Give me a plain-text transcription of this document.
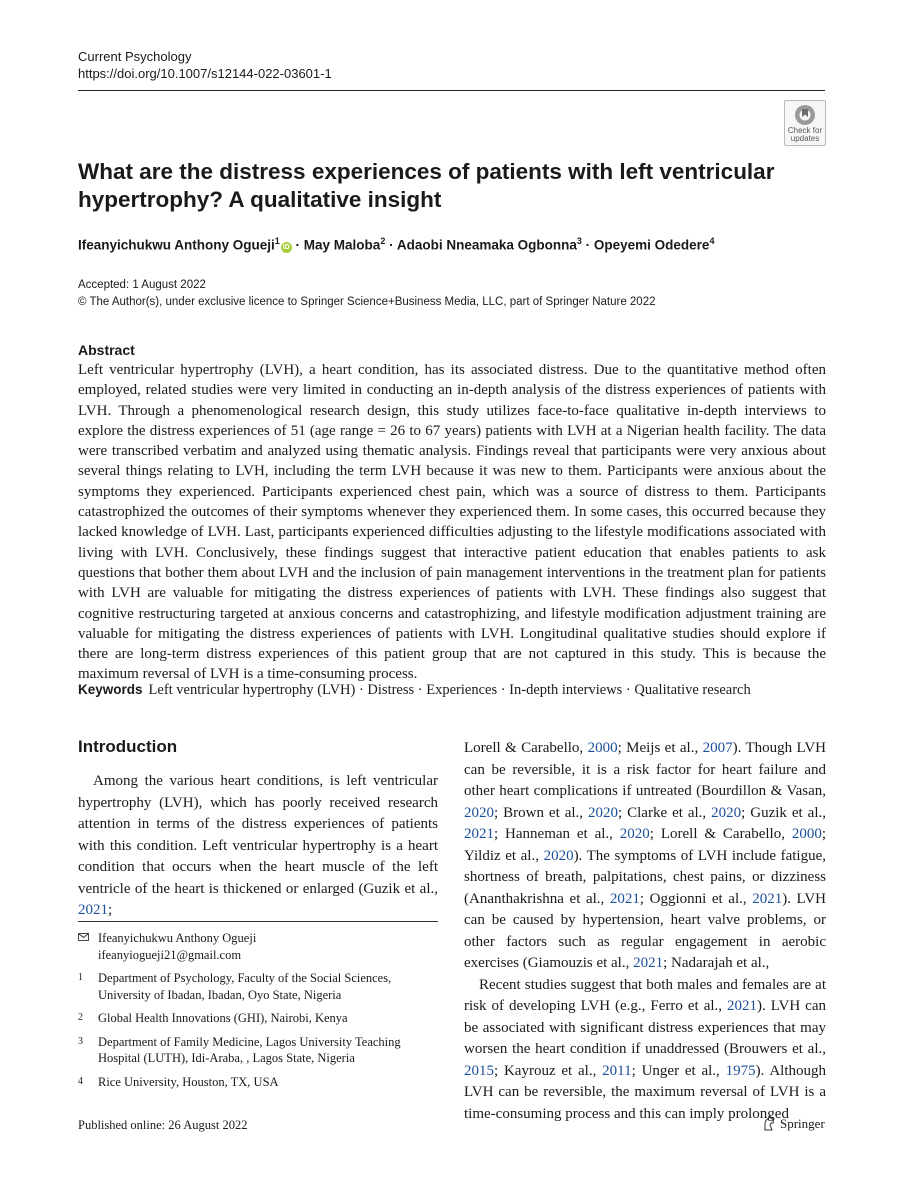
Current Psychology
https://doi.org/10.1007/s12144-022-03601-1
Check for
updates
What are the distress experiences of patients with left ventricular hypertrophy? A qualitative insight
Ifeanyichukwu Anthony Ogueji$^1$iD · May Maloba$^2$ · Adaobi Nneamaka Ogbonna$^3$ · Opeyemi Odedere$^4$
Accepted: 1 August 2022
© The Author(s), under exclusive licence to Springer Science+Business Media, LLC, part of Springer Nature 2022
Abstract
Left ventricular hypertrophy (LVH), a heart condition, has its associated distress. Due to the quantitative method often employed, related studies were very limited in conducting an in-depth analysis of the distress experiences of patients with LVH. Through a phenomenological research design, this study utilizes face-to-face qualitative in-depth interviews to explore the distress experiences of 51 (age range = 26 to 67 years) patients with LVH at a Nigerian health facility. The data were transcribed verbatim and analyzed using thematic analysis. Findings reveal that participants were very anxious about several things relating to LVH, including the term LVH because it was new to them. Participants were anxious about the symptoms they experienced. Participants experienced chest pain, which was a source of distress to them. Participants catastrophized the outcomes of their symptoms whenever they experienced them. In some cases, this occurred because they lacked knowledge of LVH. Last, participants experienced difficulties adjusting to the lifestyle modifications associated with living with LVH. Conclusively, these findings suggest that interactive patient education that enables patients to ask questions that bother them about LVH and the inclusion of pain management interventions in the treatment plan for patients with LVH are valuable for mitigating the distress experiences of patients with LVH. These findings also suggest that cognitive restructuring targeted at anxious concerns and catastrophizing, and lifestyle modification adjustment training are valuable for mitigating the distress experiences of patients with LVH. Longitudinal qualitative studies should explore if there are long-term distress experiences of this patient group that are not captured in this study. This is because the maximum reversal of LVH is a time-consuming process.
Keywords Left ventricular hypertrophy (LVH) · Distress · Experiences · In-depth interviews · Qualitative research
Introduction
Among the various heart conditions, is left ventricular hypertrophy (LVH), which has poorly received research attention in terms of the distress experiences of patients with this condition. Left ventricular hypertrophy is a heart condition that occurs when the heart muscle of the left ventricle of the heart is thickened or enlarged (Guzik et al., 2021;
Lorell & Carabello, 2000; Meijs et al., 2007). Though LVH can be reversible, it is a risk factor for heart failure and other heart complications if untreated (Bourdillon & Vasan, 2020; Brown et al., 2020; Clarke et al., 2020; Guzik et al., 2021; Hanneman et al., 2020; Lorell & Carabello, 2000; Yildiz et al., 2020). The symptoms of LVH include fatigue, shortness of breath, palpitations, chest pains, or dizziness (Ananthakrishna et al., 2021; Oggionni et al., 2021). LVH can be caused by hypertension, heart valve problems, or other factors such as regular engagement in aerobic exercises (Giamouzis et al., 2021; Nadarajah et al.,
Recent studies suggest that both males and females are at risk of developing LVH (e.g., Ferro et al., 2021). LVH can be associated with significant distress experiences that may worsen the heart condition if unaddressed (Brouwers et al., 2015; Kayrouz et al., 2011; Unger et al., 1975). Although LVH can be reversible, the maximum reversal of LVH is a time-consuming process and this can imply prolonged
Ifeanyichukwu Anthony Ogueji
ifeanyiogueji21@gmail.com
1 Department of Psychology, Faculty of the Social Sciences, University of Ibadan, Ibadan, Oyo State, Nigeria
2 Global Health Innovations (GHI), Nairobi, Kenya
3 Department of Family Medicine, Lagos University Teaching Hospital (LUTH), Idi-Araba, , Lagos State, Nigeria
4 Rice University, Houston, TX, USA
Published online: 26 August 2022	Springer
